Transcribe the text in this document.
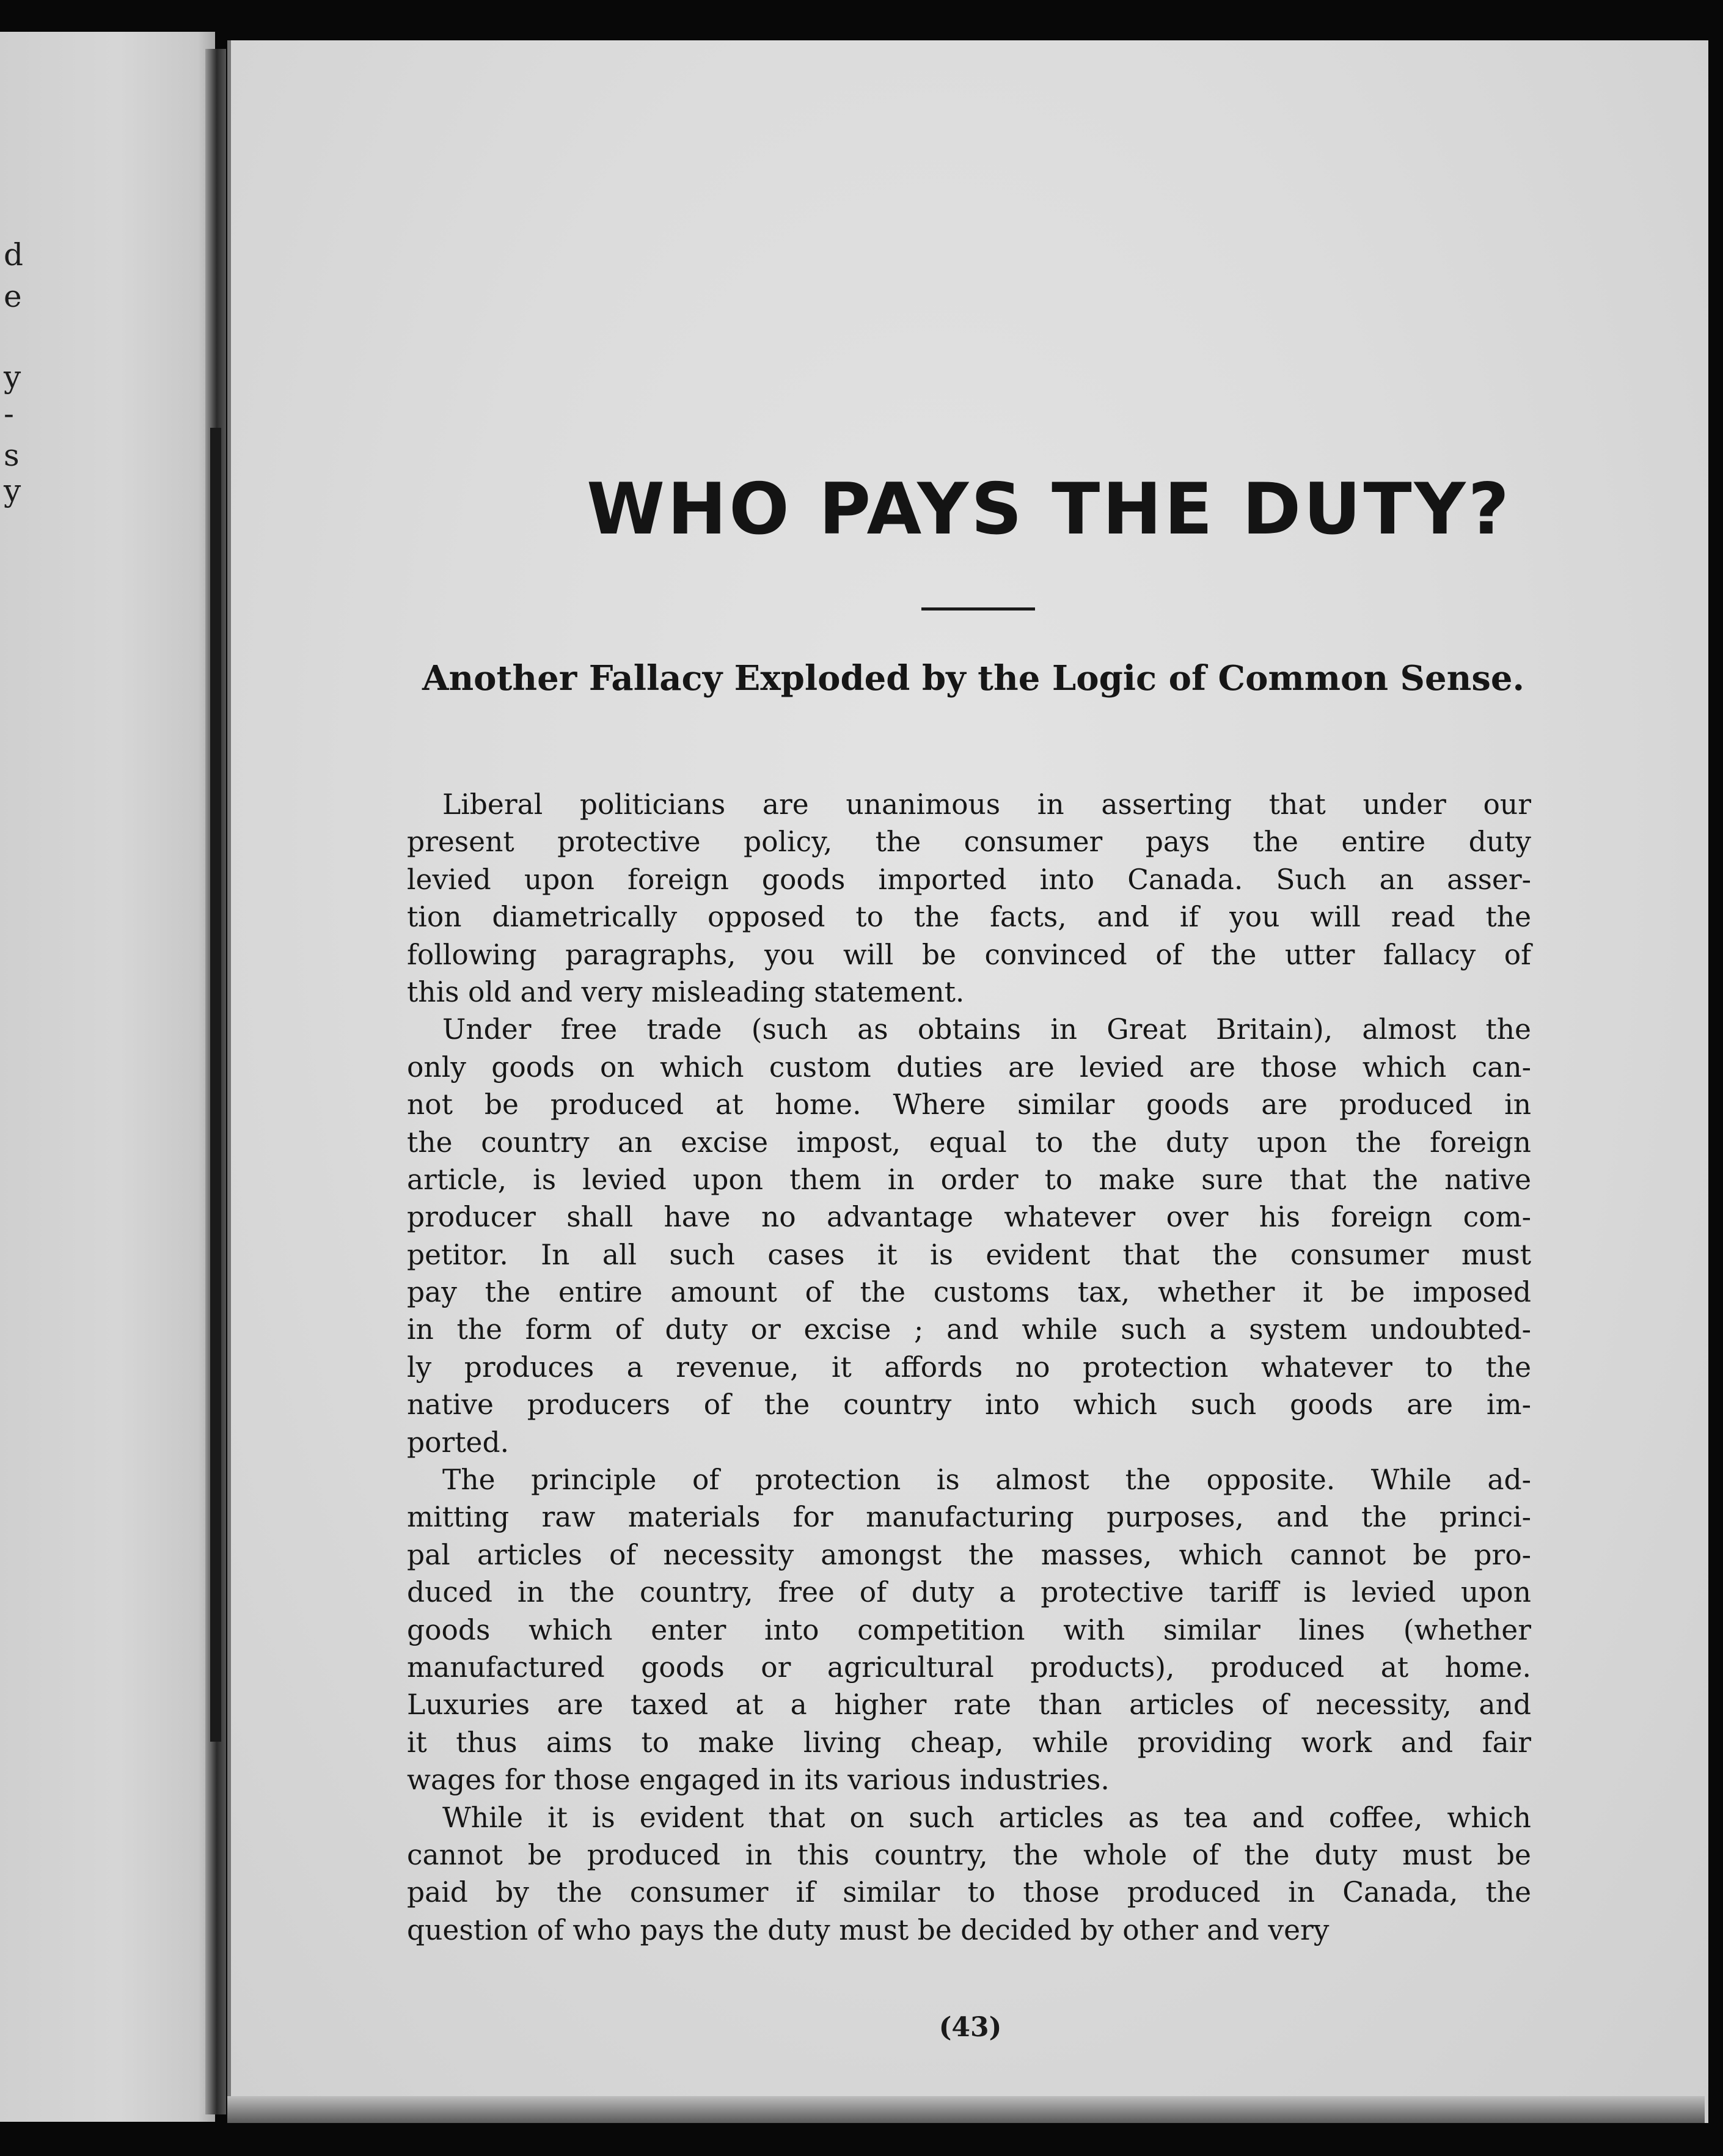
d

e

y

-

s

y	WHO PAYS THE DUTY?
Another Fallacy Exploded by the Logic of Common Sense.
Liberal politicians are unanimous in asserting that under our
present protective policy, the consumer pays the entire duty
levied upon foreign goods imported into Canada. Such an asser-
tion diametrically opposed to the facts, and if you will read the
following paragraphs, you will be convinced of the utter fallacy of
this old and very misleading statement.
Under free trade (such as obtains in Great Britain), almost the
only goods on which custom duties are levied are those which can-
not be produced at home. Where similar goods are produced in
the country an excise impost, equal to the duty upon the foreign
article, is levied upon them in order to make sure that the native
producer shall have no advantage whatever over his foreign com-
petitor. In all such cases it is evident that the consumer must
pay the entire amount of the customs tax, whether it be imposed
in the form of duty or excise ; and while such a system undoubted-
ly produces a revenue, it affords no protection whatever to the
native producers of the country into which such goods are im-
ported.
The principle of protection is almost the opposite. While ad-
mitting raw materials for manufacturing purposes, and the princi-
pal articles of necessity amongst the masses, which cannot be pro-
duced in the country, free of duty a protective tariff is levied upon
goods which enter into competition with similar lines (whether
manufactured goods or agricultural products), produced at home.
Luxuries are taxed at a higher rate than articles of necessity, and
it thus aims to make living cheap, while providing work and fair
wages for those engaged in its various industries.
While it is evident that on such articles as tea and coffee, which
cannot be produced in this country, the whole of the duty must be
paid by the consumer if similar to those produced in Canada, the
question of who pays the duty must be decided by other and very

(43)
